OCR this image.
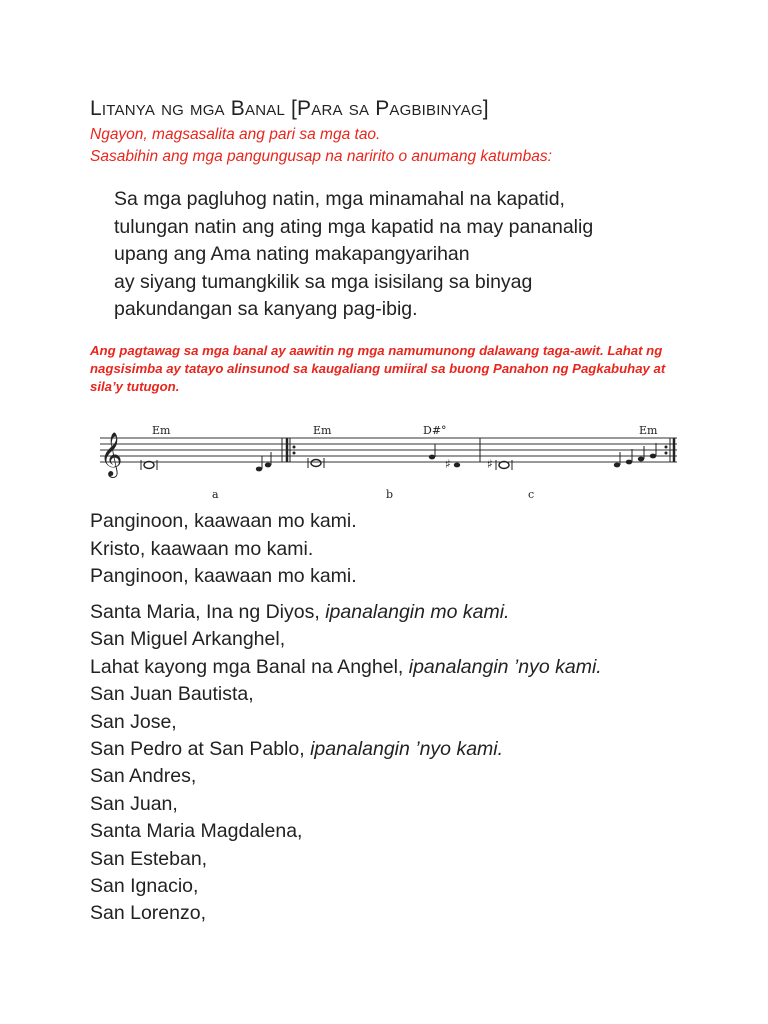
Litanya ng mga Banal [Para sa Pagbibinyag]
Ngayon, magsasalita ang pari sa mga tao.
Sasabihin ang mga pangungusap na naririto o anumang katumbas:
Sa mga pagluhog natin, mga minamahal na kapatid,
tulungan natin ang ating mga kapatid na may pananalig
upang ang Ama nating makapangyarihan
ay siyang tumangkilik sa mga isisilang sa binyag
pakundangan sa kanyang pag-ibig.
Ang pagtawag sa mga banal ay aawitin ng mga namumunong dalawang taga-awit. Lahat ng nagsisimba ay tatayo alinsunod sa kaugaliang umiiral sa buong Panahon ng Pagkabuhay at sila’y tutugon.
𝄞
Em	Em	D#°	Em
♯	♯
a	b	c
Panginoon, kaawaan mo kami.
Kristo, kaawaan mo kami.
Panginoon, kaawaan mo kami.
Santa Maria, Ina ng Diyos, ipanalangin mo kami.
San Miguel Arkanghel,
Lahat kayong mga Banal na Anghel, ipanalangin ’nyo kami.
San Juan Bautista,
San Jose,
San Pedro at San Pablo, ipanalangin ’nyo kami.
San Andres,
San Juan,
Santa Maria Magdalena,
San Esteban,
San Ignacio,
San Lorenzo,
